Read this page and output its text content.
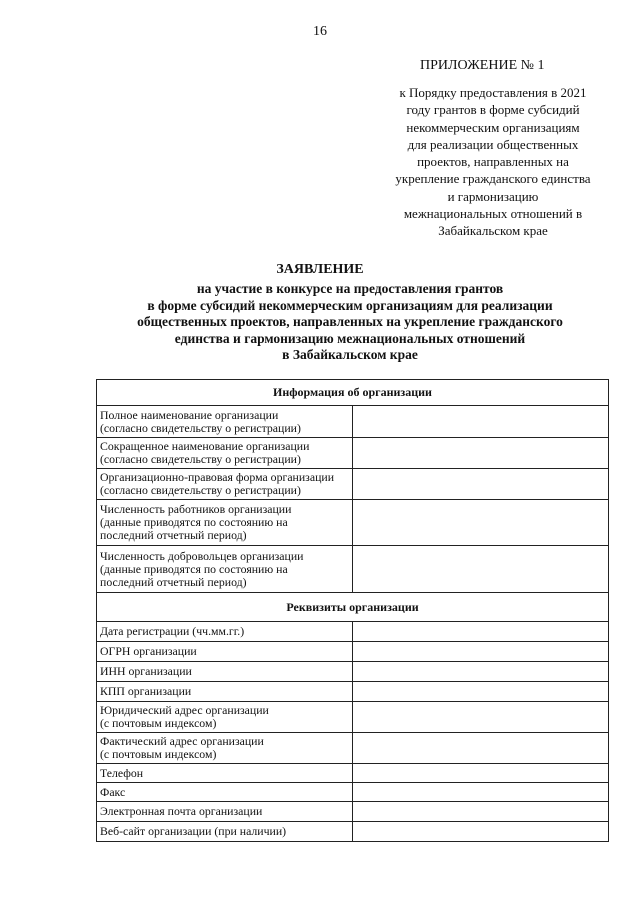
16
ПРИЛОЖЕНИЕ № 1
к Порядку предоставления в 2021
году грантов в форме субсидий
некоммерческим организациям
для реализации общественных
проектов, направленных на
укрепление гражданского единства
и гармонизацию
межнациональных отношений в
Забайкальском крае
ЗАЯВЛЕНИЕ
на участие в конкурсе на предоставления грантов
в форме субсидий некоммерческим организациям для реализации
общественных проектов, направленных на укрепление гражданского
единства и гармонизацию межнациональных отношений
в Забайкальском крае
Информация об организации	

Полное наименование организации
(согласно свидетельству о регистрации)	

Сокращенное наименование организации
(согласно свидетельству о регистрации)	

Организационно-правовая форма организации
(согласно свидетельству о регистрации)	

Численность работников организации
(данные приводятся по состоянию на
последний отчетный период)	

Численность добровольцев организации
(данные приводятся по состоянию на
последний отчетный период)	

Реквизиты организации	
Дата регистрации (чч.мм.гг.)	
ОГРН организации	
ИНН организации	
КПП организации	

Юридический адрес организации
(с почтовым индексом)	

Фактический адрес организации
(с почтовым индексом)	

Телефон	
Факс	
Электронная почта организации	
Веб-сайт организации (при наличии)	
